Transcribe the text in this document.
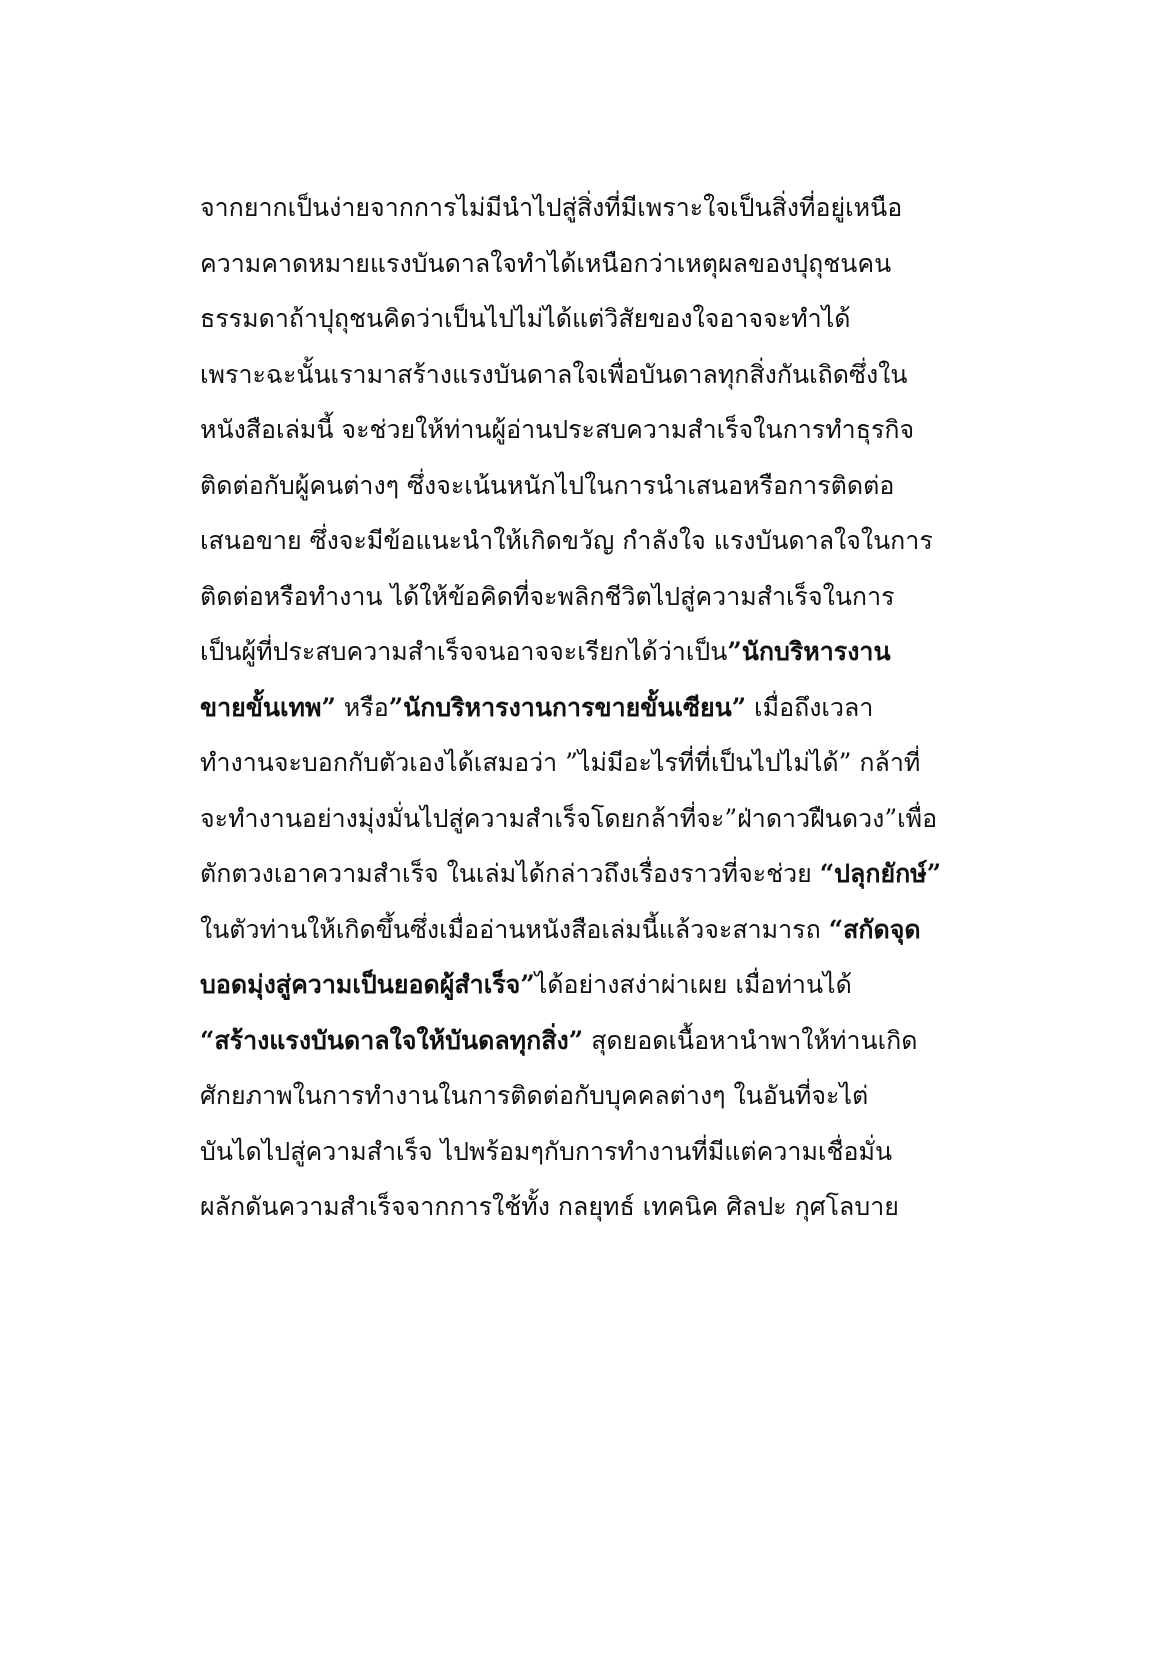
จากยากเป็นง่ายจากการไม่มีนำไปสู่สิ่งที่มีเพราะใจเป็นสิ่งที่อยู่เหนือ
ความคาดหมายแรงบันดาลใจทำได้เหนือกว่าเหตุผลของปุถุชนคน
ธรรมดาถ้าปุถุชนคิดว่าเป็นไปไม่ได้แต่วิสัยของใจอาจจะทำได้
เพราะฉะนั้นเรามาสร้างแรงบันดาลใจเพื่อบันดาลทุกสิ่งกันเถิดซึ่งใน
หนังสือเล่มนี้ จะช่วยให้ท่านผู้อ่านประสบความสำเร็จในการทำธุรกิจ
ติดต่อกับผู้คนต่างๆ ซึ่งจะเน้นหนักไปในการนำเสนอหรือการติดต่อ
เสนอขาย ซึ่งจะมีข้อแนะนำให้เกิดขวัญ กำลังใจ แรงบันดาลใจในการ
ติดต่อหรือทำงาน ได้ให้ข้อคิดที่จะพลิกชีวิตไปสู่ความสำเร็จในการ
เป็นผู้ที่ประสบความสำเร็จจนอาจจะเรียกได้ว่าเป็น”นักบริหารงาน
ขายขั้นเทพ” หรือ”นักบริหารงานการขายขั้นเซียน” เมื่อถึงเวลา
ทำงานจะบอกกับตัวเองได้เสมอว่า ”ไม่มีอะไรที่ที่เป็นไปไม่ได้” กล้าที่
จะทำงานอย่างมุ่งมั่นไปสู่ความสำเร็จโดยกล้าที่จะ”ฝ่าดาวฝืนดวง”เพื่อ
ตักตวงเอาความสำเร็จ ในเล่มได้กล่าวถึงเรื่องราวที่จะช่วย “ปลุกยักษ์”
ในตัวท่านให้เกิดขึ้นซึ่งเมื่ออ่านหนังสือเล่มนี้แล้วจะสามารถ “สกัดจุด
บอดมุ่งสู่ความเป็นยอดผู้สำเร็จ”ได้อย่างสง่าผ่าเผย เมื่อท่านได้
“สร้างแรงบันดาลใจให้บันดลทุกสิ่ง” สุดยอดเนื้อหานำพาให้ท่านเกิด
ศักยภาพในการทำงานในการติดต่อกับบุคคลต่างๆ ในอันที่จะไต่
บันไดไปสู่ความสำเร็จ ไปพร้อมๆกับการทำงานที่มีแต่ความเชื่อมั่น
ผลักดันความสำเร็จจากการใช้ทั้ง กลยุทธ์ เทคนิค ศิลปะ กุศโลบาย
